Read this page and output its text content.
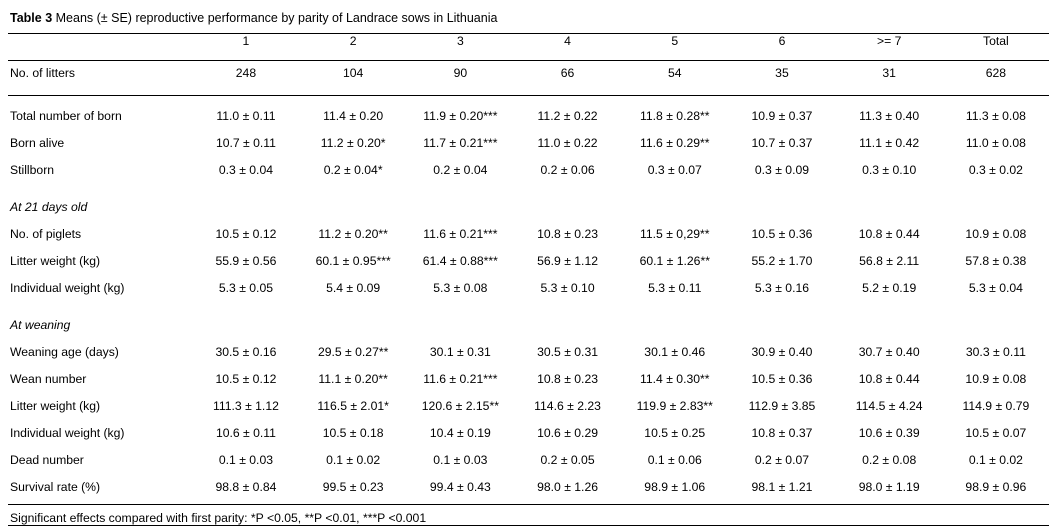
Table 3 Means (± SE) reproductive performance by parity of Landrace sows in Lithuania
	1	2	3	4	5	6	>= 7	Total
No. of litters	248	104	90	66	54	35	31	628

Total number of born	11.0 ± 0.11	11.4 ± 0.20	11.9 ± 0.20***	11.2 ± 0.22	11.8 ± 0.28**	10.9 ± 0.37	11.3 ± 0.40	11.3 ± 0.08
Born alive	10.7 ± 0.11	11.2 ± 0.20*	11.7 ± 0.21***	11.0 ± 0.22	11.6 ± 0.29**	10.7 ± 0.37	11.1 ± 0.42	11.0 ± 0.08
Stillborn	0.3 ± 0.04	0.2 ± 0.04*	0.2 ± 0.04	0.2 ± 0.06	0.3 ± 0.07	0.3 ± 0.09	0.3 ± 0.10	0.3 ± 0.02

At 21 days old								
No. of piglets	10.5 ± 0.12	11.2 ± 0.20**	11.6 ± 0.21***	10.8 ± 0.23	11.5 ± 0,29**	10.5 ± 0.36	10.8 ± 0.44	10.9 ± 0.08
Litter weight (kg)	55.9 ± 0.56	60.1 ± 0.95***	61.4 ± 0.88***	56.9 ± 1.12	60.1 ± 1.26**	55.2 ± 1.70	56.8 ± 2.11	57.8 ± 0.38
Individual weight (kg)	5.3 ± 0.05	5.4 ± 0.09	5.3 ± 0.08	5.3 ± 0.10	5.3 ± 0.11	5.3 ± 0.16	5.2 ± 0.19	5.3 ± 0.04

At weaning								
Weaning age (days)	30.5 ± 0.16	29.5 ± 0.27**	30.1 ± 0.31	30.5 ± 0.31	30.1 ± 0.46	30.9 ± 0.40	30.7 ± 0.40	30.3 ± 0.11
Wean number	10.5 ± 0.12	11.1 ± 0.20**	11.6 ± 0.21***	10.8 ± 0.23	11.4 ± 0.30**	10.5 ± 0.36	10.8 ± 0.44	10.9 ± 0.08
Litter weight (kg)	111.3 ± 1.12	116.5 ± 2.01*	120.6 ± 2.15**	114.6 ± 2.23	119.9 ± 2.83**	112.9 ± 3.85	114.5 ± 4.24	114.9 ± 0.79
Individual weight (kg)	10.6 ± 0.11	10.5 ± 0.18	10.4 ± 0.19	10.6 ± 0.29	10.5 ± 0.25	10.8 ± 0.37	10.6 ± 0.39	10.5 ± 0.07
Dead number	0.1 ± 0.03	0.1 ± 0.02	0.1 ± 0.03	0.2 ± 0.05	0.1 ± 0.06	0.2 ± 0.07	0.2 ± 0.08	0.1 ± 0.02
Survival rate (%)	98.8 ± 0.84	99.5 ± 0.23	99.4 ± 0.43	98.0 ± 1.26	98.9 ± 1.06	98.1 ± 1.21	98.0 ± 1.19	98.9 ± 0.96
Significant effects compared with first parity: *P <0.05, **P <0.01, ***P <0.001
